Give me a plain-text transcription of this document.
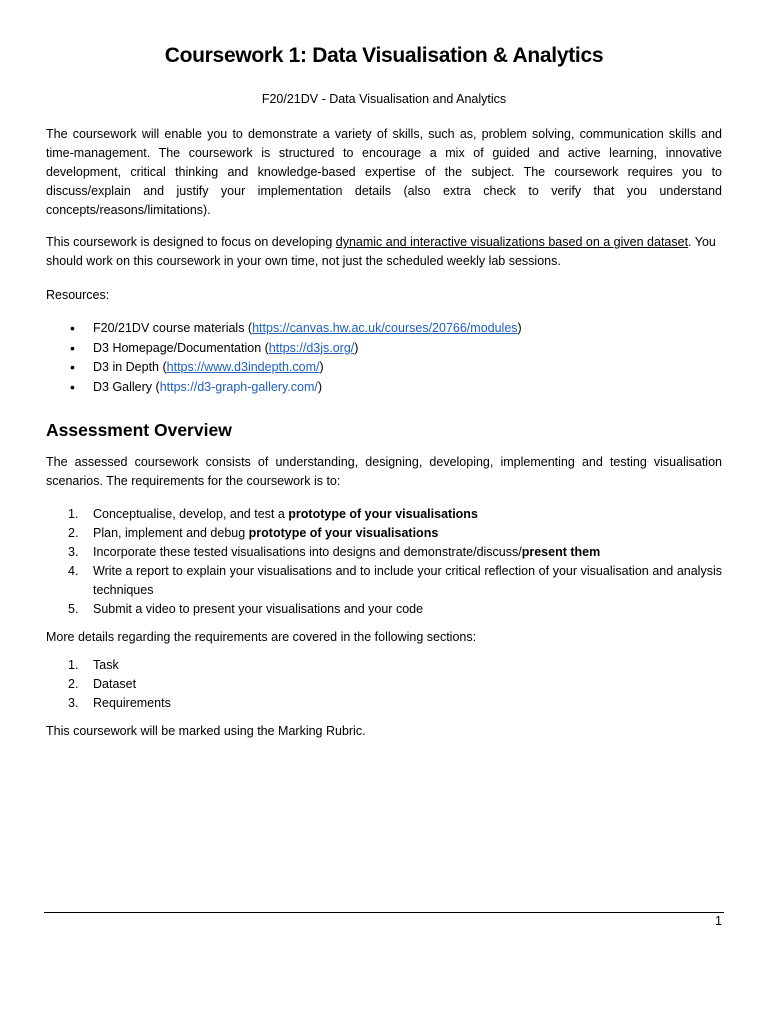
Coursework 1: Data Visualisation & Analytics
F20/21DV - Data Visualisation and Analytics
The coursework will enable you to demonstrate a variety of skills, such as, problem solving, communication skills and time-management. The coursework is structured to encourage a mix of guided and active learning, innovative development, critical thinking and knowledge-based expertise of the subject. The coursework requires you to discuss/explain and justify your implementation details (also extra check to verify that you understand concepts/reasons/limitations).
This coursework is designed to focus on developing dynamic and interactive visualizations based on a given dataset. You should work on this coursework in your own time, not just the scheduled weekly lab sessions.
Resources:
• F20/21DV course materials (https://canvas.hw.ac.uk/courses/20766/modules)
• D3 Homepage/Documentation (https://d3js.org/)
• D3 in Depth (https://www.d3indepth.com/)
• D3 Gallery (https://d3-graph-gallery.com/)
Assessment Overview
The assessed coursework consists of understanding, designing, developing, implementing and testing visualisation scenarios. The requirements for the coursework is to:
1. Conceptualise, develop, and test a prototype of your visualisations
2. Plan, implement and debug prototype of your visualisations
3. Incorporate these tested visualisations into designs and demonstrate/discuss/present them
4. Write a report to explain your visualisations and to include your critical reflection of your visualisation and analysis techniques
5. Submit a video to present your visualisations and your code
More details regarding the requirements are covered in the following sections:
1. Task
2. Dataset
3. Requirements
This coursework will be marked using the Marking Rubric.
1
